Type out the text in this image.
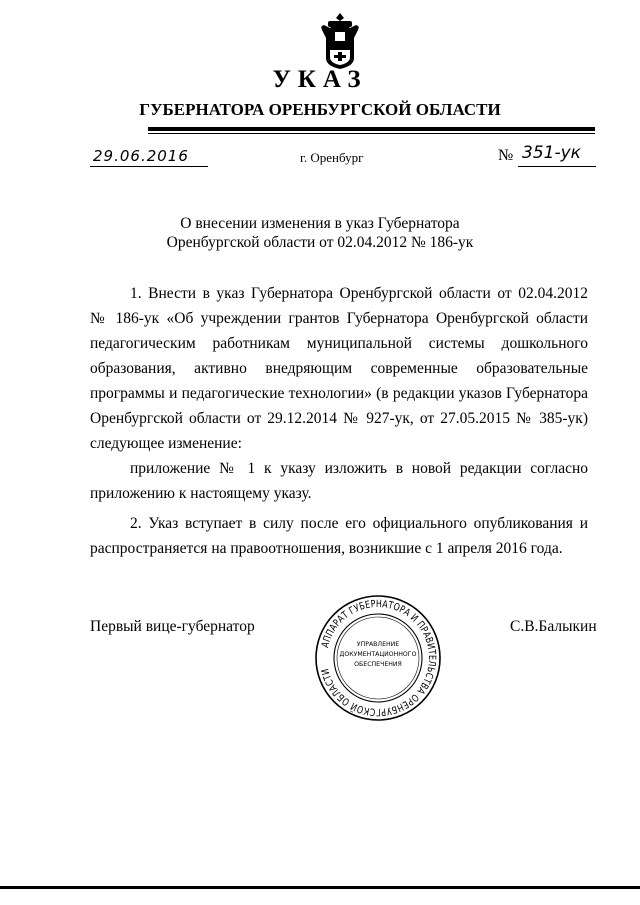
УКАЗ
ГУБЕРНАТОРА ОРЕНБУРГСКОЙ ОБЛАСТИ
29.06.2016	г. Оренбург	№ 351-ук
О внесении изменения в указ Губернатора
Оренбургской области от 02.04.2012 № 186-ук
1. Внести в указ Губернатора Оренбургской области от 02.04.2012
№ 186-ук «Об учреждении грантов Губернатора Оренбургской области
педагогическим работникам муниципальной системы дошкольного
образования, активно внедряющим современные образовательные
программы и педагогические технологии» (в редакции указов Губернатора
Оренбургской области от 29.12.2014 № 927-ук, от 27.05.2015 № 385-ук)
следующее изменение:
приложение № 1 к указу изложить в новой редакции согласно
приложению к настоящему указу.
2. Указ вступает в силу после его официального опубликования и
распространяется на правоотношения, возникшие с 1 апреля 2016 года.
Первый вице-губернатор	С.В.Балыкин
АППАРАТ ГУБЕРНАТОРА И ПРАВИТЕЛЬСТВА ОРЕНБУРГСКОЙ ОБЛАСТИ
УПРАВЛЕНИЕ
ДОКУМЕНТАЦИОННОГО
ОБЕСПЕЧЕНИЯ
